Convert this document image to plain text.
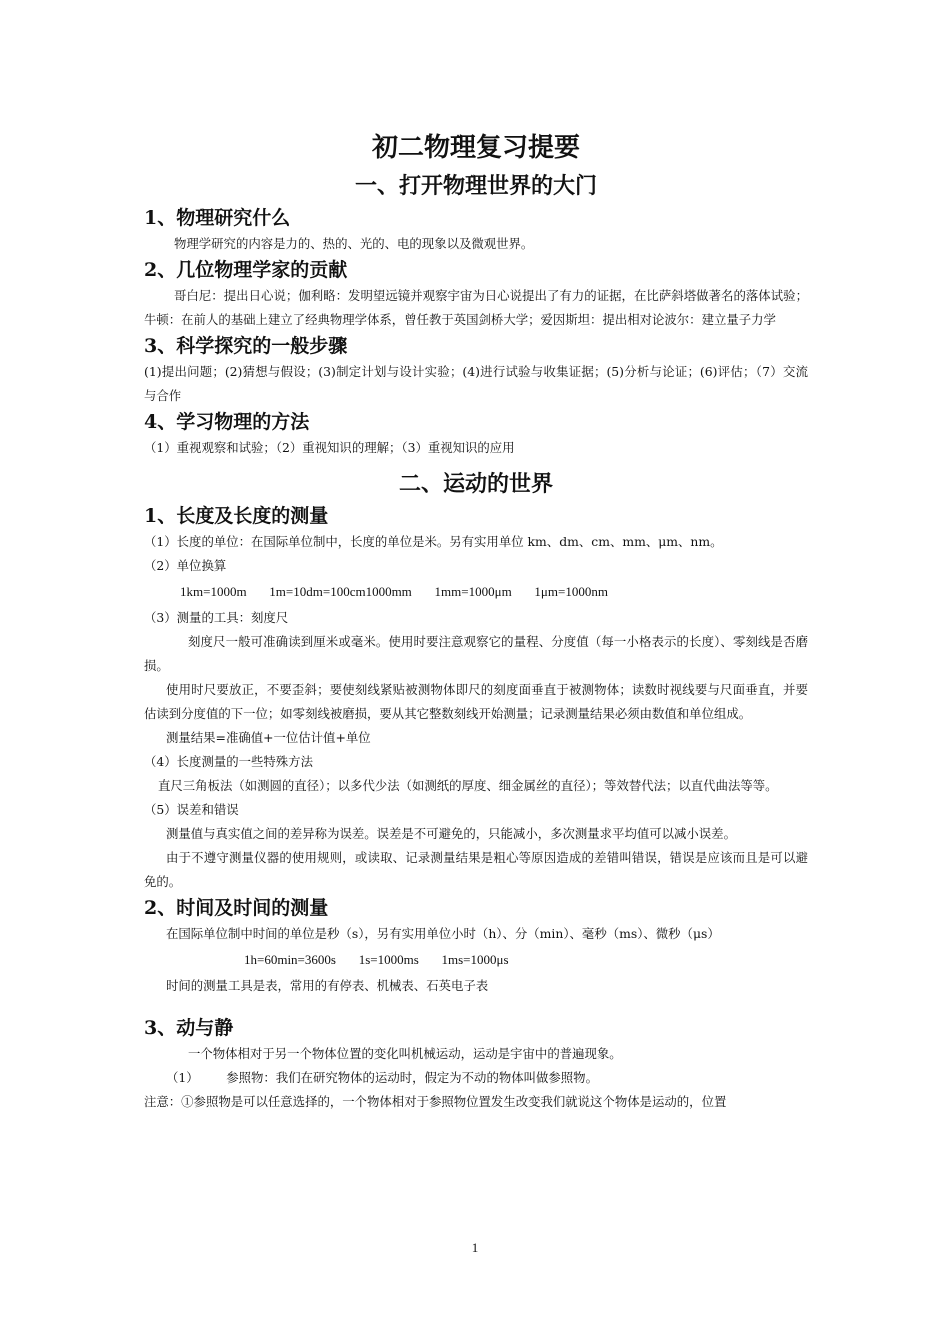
初二物理复习提要
一、打开物理世界的大门
1、物理研究什么

物理学研究的内容是力的、热的、光的、电的现象以及微观世界。

2、几位物理学家的贡献

哥白尼：提出日心说；伽利略：发明望远镜并观察宇宙为日心说提出了有力的证据，在比萨斜塔做著名的落体试验；牛顿：在前人的基础上建立了经典物理学体系，曾任教于英国剑桥大学；爱因斯坦：提出相对论波尔：建立量子力学

3、科学探究的一般步骤

(1)提出问题；(2)猜想与假设；(3)制定计划与设计实验；(4)进行试验与收集证据；(5)分析与论证；(6)评估；（7）交流与合作

4、学习物理的方法

（1）重视观察和试验；（2）重视知识的理解；（3）重视知识的应用

二、运动的世界
1、长度及长度的测量

（1）长度的单位：在国际单位制中，长度的单位是米。另有实用单位 km、dm、cm、mm、μm、nm。

（2）单位换算

1km=1000m       1m=10dm=100cm1000mm       1mm=1000μm       1μm=1000nm

（3）测量的工具：刻度尺

刻度尺一般可准确读到厘米或毫米。使用时要注意观察它的量程、分度值（每一小格表示的长度）、零刻线是否磨损。

使用时尺要放正，不要歪斜；要使刻线紧贴被测物体即尺的刻度面垂直于被测物体；读数时视线要与尺面垂直，并要估读到分度值的下一位；如零刻线被磨损，要从其它整数刻线开始测量；记录测量结果必须由数值和单位组成。

测量结果=准确值+一位估计值+单位

（4）长度测量的一些特殊方法

直尺三角板法（如测圆的直径）；以多代少法（如测纸的厚度、细金属丝的直径）；等效替代法；以直代曲法等等。

（5）误差和错误

测量值与真实值之间的差异称为误差。误差是不可避免的，只能减小，多次测量求平均值可以减小误差。

由于不遵守测量仪器的使用规则，或读取、记录测量结果是粗心等原因造成的差错叫错误，错误是应该而且是可以避免的。

2、时间及时间的测量

在国际单位制中时间的单位是秒（s），另有实用单位小时（h）、分（min）、毫秒（ms）、微秒（μs）

1h=60min=3600s       1s=1000ms       1ms=1000μs

时间的测量工具是表，常用的有停表、机械表、石英电子表

3、动与静

一个物体相对于另一个物体位置的变化叫机械运动，运动是宇宙中的普遍现象。

（1）       参照物：我们在研究物体的运动时，假定为不动的物体叫做参照物。

注意：①参照物是可以任意选择的，一个物体相对于参照物位置发生改变我们就说这个物体是运动的，位置

1
